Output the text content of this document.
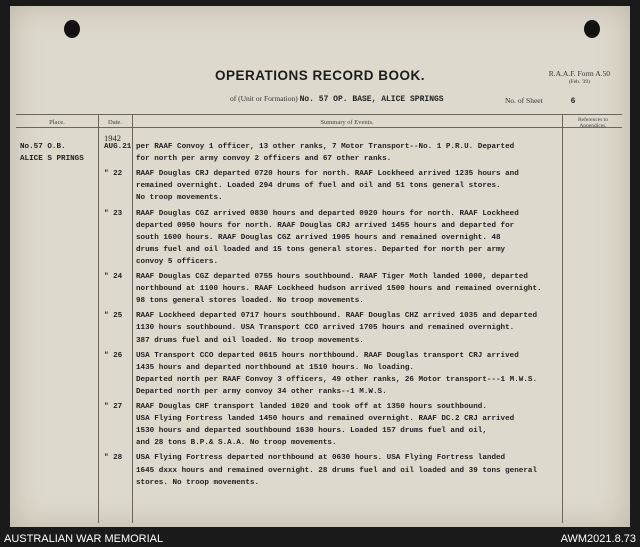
OPERATIONS RECORD BOOK.	R.A.A.F. Form A.50
(Feb. '39)
of (Unit or Formation) No. 57 OP. BASE, ALICE SPRINGS	No. of Sheet	6
Place.	Date.	Summary of Events.	References to Appendices.
1942
No.57 O.B.
ALICE S PRINGS
AUG.21 per RAAF Convoy 1 officer, 13 other ranks, 7 Motor Transport--No. 1 P.R.U. Departed
for north per army convoy 2 officers and 67 other ranks.
" 22 RAAF Douglas CRJ departed 0720 hours for north. RAAF Lockheed arrived 1235 hours and
remained overnight. Loaded 294 drums of fuel and oil and 51 tons general stores.
No troop movements.
" 23 RAAF Douglas CGZ arrived 0830 hours and departed 0920 hours for north. RAAF Lockheed
departed 0950 hours for north. RAAF Douglas CRJ arrived 1455 hours and departed for
south 1600 hours. RAAF Douglas CGZ arrived 1905 hours and remained overnight. 48
drums fuel and oil loaded and 15 tons general stores. Departed for north per army
convoy 5 officers.
" 24 RAAF Douglas CGZ departed 0755 hours southbound. RAAF Tiger Moth landed 1000, departed
northbound at 1100 hours. RAAF Lockheed hudson arrived 1500 hours and remained overnight.
98 tons general stores loaded. No troop movements.
" 25 RAAF Lockheed departed 0717 hours southbound. RAAF Douglas CHZ arrived 1035 and departed
1130 hours southbound. USA Transport CCO arrived 1705 hours and remained overnight.
387 drums fuel and oil loaded. No troop movements.
" 26 USA Transport CCO departed 0615 hours northbound. RAAF Douglas transport CRJ arrived
1435 hours and departed northbound at 1510 hours. No loading.
Departed north per RAAF Convoy 3 officers, 49 other ranks, 26 Motor transport---1 M.W.S.
Departed north per army convoy 34 other ranks--1 M.W.S.
" 27 RAAF Douglas CHF transport landed 1020 and took off at 1350 hours southbound.
USA Flying Fortress landed 1450 hours and remained overnight. RAAF DC.2 CRJ arrived
1530 hours and departed southbound 1630 hours. Loaded 157 drums fuel and oil,
and 28 tons B.P.& S.A.A. No troop movements.
" 28 USA Flying Fortress departed northbound at 0630 hours. USA Flying Fortress landed
1645 dxxx hours and remained overnight. 28 drums fuel and oil loaded and 39 tons general
stores. No troop movements.
AUSTRALIAN WAR MEMORIAL	AWM2021.8.73
